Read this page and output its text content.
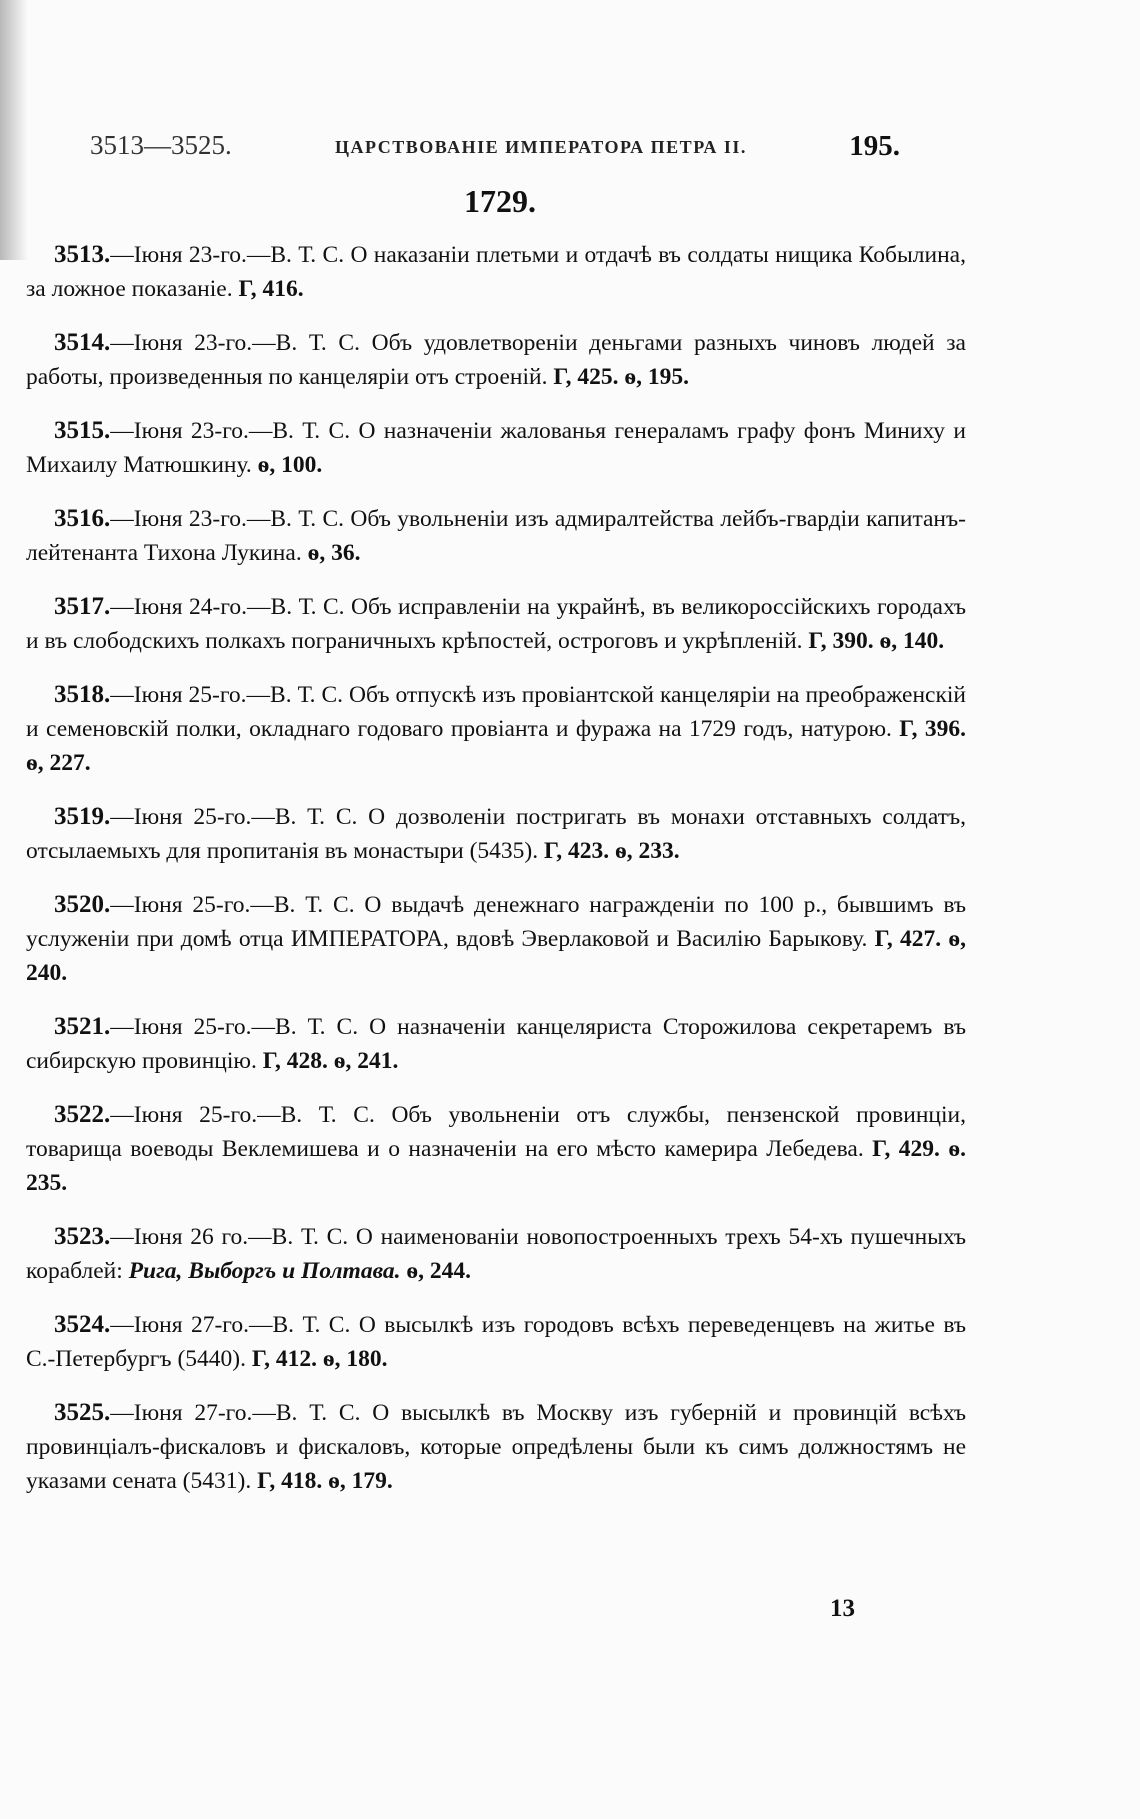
3513—3525.	ЦАРСТВОВАНІЕ ИМПЕРАТОРА ПЕТРА II.	195.
1729.

3513.—Іюня 23-го.—В. Т. С. О наказаніи плетьми и отдачѣ въ солдаты нищика Кобылина, за ложное показаніе. Г, 416.

3514.—Іюня 23-го.—В. Т. С. Объ удовлетвореніи деньгами разныхъ чиновъ людей за работы, произведенныя по канцеляріи отъ строеній. Г, 425. ѳ, 195.

3515.—Іюня 23-го.—В. Т. С. О назначеніи жалованья генераламъ графу фонъ Миниху и Михаилу Матюшкину. ѳ, 100.

3516.—Іюня 23-го.—В. Т. С. Объ увольненіи изъ адмиралтейства лейбъ-гвардіи капитанъ-лейтенанта Тихона Лукина. ѳ, 36.

3517.—Іюня 24-го.—В. Т. С. Объ исправленіи на украйнѣ, въ великороссійскихъ городахъ и въ слободскихъ полкахъ пограничныхъ крѣпостей, остроговъ и укрѣпленій. Г, 390. ѳ, 140.

3518.—Іюня 25-го.—В. Т. С. Объ отпускѣ изъ провіантской канцеляріи на преображенскій и семеновскій полки, окладнаго годоваго провіанта и фуража на 1729 годъ, натурою. Г, 396. ѳ, 227.

3519.—Іюня 25-го.—В. Т. С. О дозволеніи постригать въ монахи отставныхъ солдатъ, отсылаемыхъ для пропитанія въ монастыри (5435). Г, 423. ѳ, 233.

3520.—Іюня 25-го.—В. Т. С. О выдачѣ денежнаго награжденіи по 100 р., бывшимъ въ услуженіи при домѣ отца ИМПЕРАТОРА, вдовѣ Эверлаковой и Василію Барыкову. Г, 427. ѳ, 240.

3521.—Іюня 25-го.—В. Т. С. О назначеніи канцеляриста Сторожилова секретаремъ въ сибирскую провинцію. Г, 428. ѳ, 241.

3522.—Іюня 25-го.—В. Т. С. Объ увольненіи отъ службы, пензенской провинціи, товарища воеводы Веклемишева и о назначеніи на его мѣсто камерира Лебедева. Г, 429. ѳ. 235.

3523.—Іюня 26 го.—В. Т. С. О наименованіи новопостроенныхъ трехъ 54-хъ пушечныхъ кораблей: Рига, Выборгъ и Полтава. ѳ, 244.

3524.—Іюня 27-го.—В. Т. С. О высылкѣ изъ городовъ всѣхъ переведенцевъ на житье въ С.-Петербургъ (5440). Г, 412. ѳ, 180.

3525.—Іюня 27-го.—В. Т. С. О высылкѣ въ Москву изъ губерній и провинцій всѣхъ провинціалъ-фискаловъ и фискаловъ, которые опредѣлены были къ симъ должностямъ не указами сената (5431). Г, 418. ѳ, 179.

13
